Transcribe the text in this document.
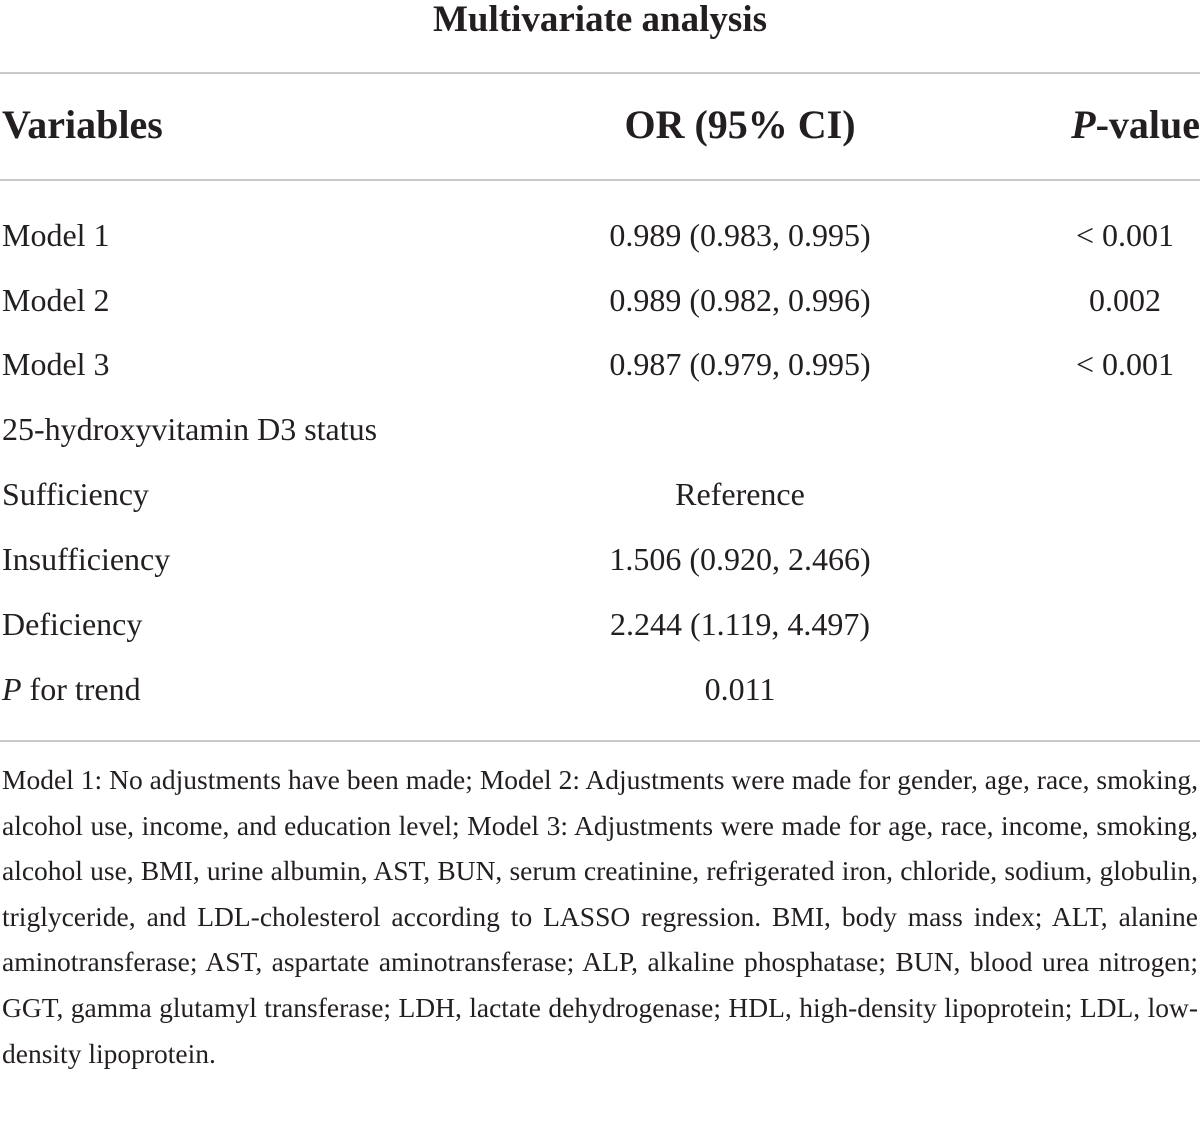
Multivariate analysis
Variables	OR (95% CI)	P-value
Model 1	0.989 (0.983, 0.995)	< 0.001
Model 2	0.989 (0.982, 0.996)	0.002
Model 3	0.987 (0.979, 0.995)	< 0.001
25-hydroxyvitamin D3 status
Sufficiency	Reference
Insufficiency	1.506 (0.920, 2.466)
Deficiency	2.244 (1.119, 4.497)
P for trend	0.011
Model 1: No adjustments have been made; Model 2: Adjustments were made for gender, age, race, smoking, alcohol use, income, and education level; Model 3: Adjustments were made for age, race, income, smoking, alcohol use, BMI, urine albumin, AST, BUN, serum creatinine, refrigerated iron, chloride, sodium, globulin, triglyceride, and LDL-cholesterol according to LASSO regression. BMI, body mass index; ALT, alanine aminotransferase; AST, aspartate aminotransferase; ALP, alkaline phosphatase; BUN, blood urea nitrogen; GGT, gamma glutamyl transferase; LDH, lactate dehydrogenase; HDL, high-density lipoprotein; LDL, low-density lipoprotein.
